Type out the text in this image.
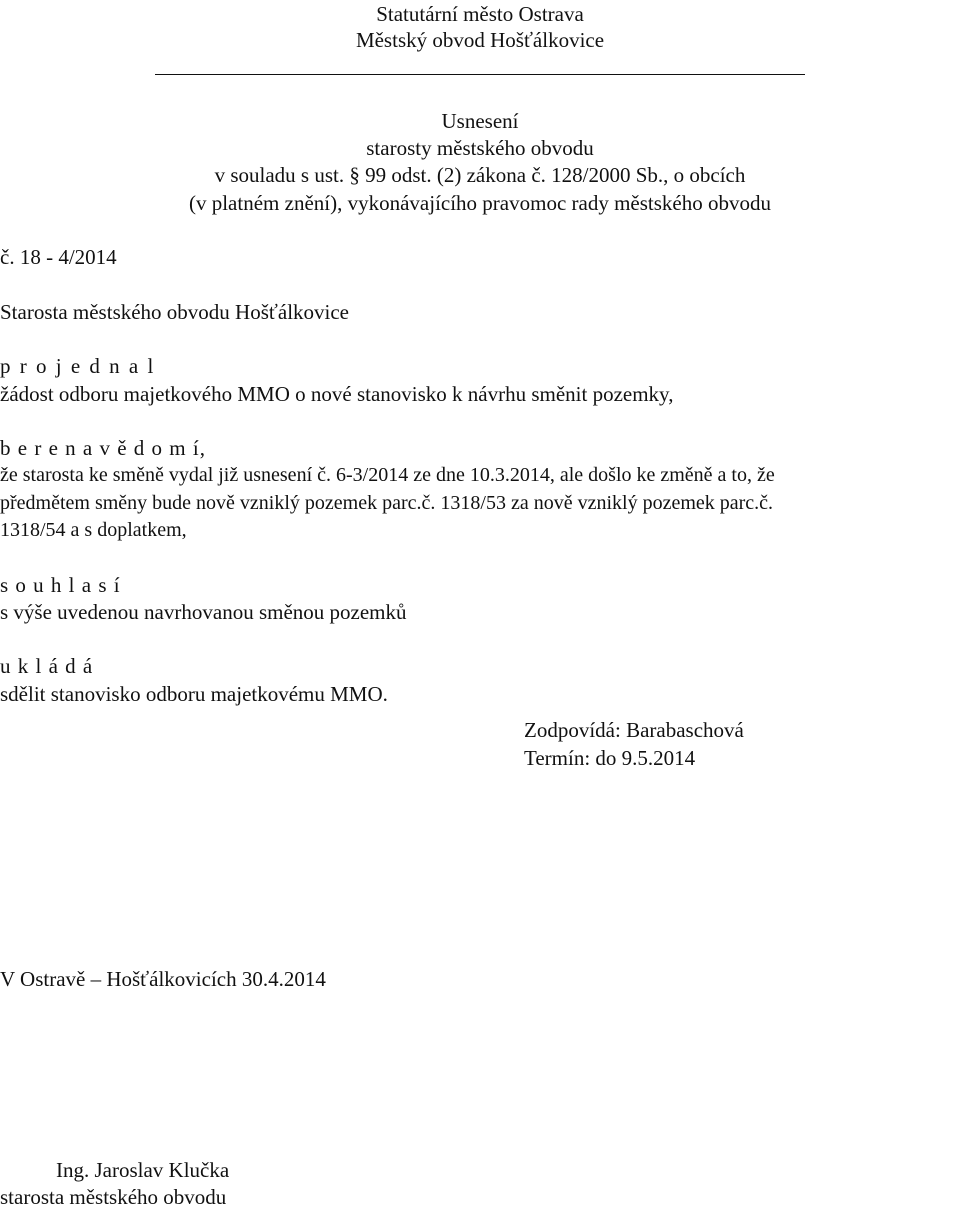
Statutární město Ostrava
Městský obvod Hošťálkovice
Usnesení
starosty městského obvodu
v souladu s ust. § 99 odst. (2) zákona č. 128/2000 Sb., o obcích
(v platném znění), vykonávajícího pravomoc rady městského obvodu
č. 18 - 4/2014
Starosta městského obvodu Hošťálkovice
p r o j e d n a l
žádost odboru majetkového MMO o nové stanovisko k návrhu směnit pozemky,
b e r e n a v ě d o m í,
že starosta ke směně vydal již usnesení č. 6-3/2014 ze dne 10.3.2014, ale došlo ke změně a to, že
předmětem směny bude nově vzniklý pozemek parc.č. 1318/53 za nově vzniklý pozemek parc.č.
1318/54 a s doplatkem,
s o u h l a s í
s výše uvedenou navrhovanou směnou pozemků
u k l á d á
sdělit stanovisko odboru majetkovému MMO.
Zodpovídá: Barabaschová
Termín: do 9.5.2014
V Ostravě – Hošťálkovicích 30.4.2014
Ing. Jaroslav Klučka
starosta městského obvodu
